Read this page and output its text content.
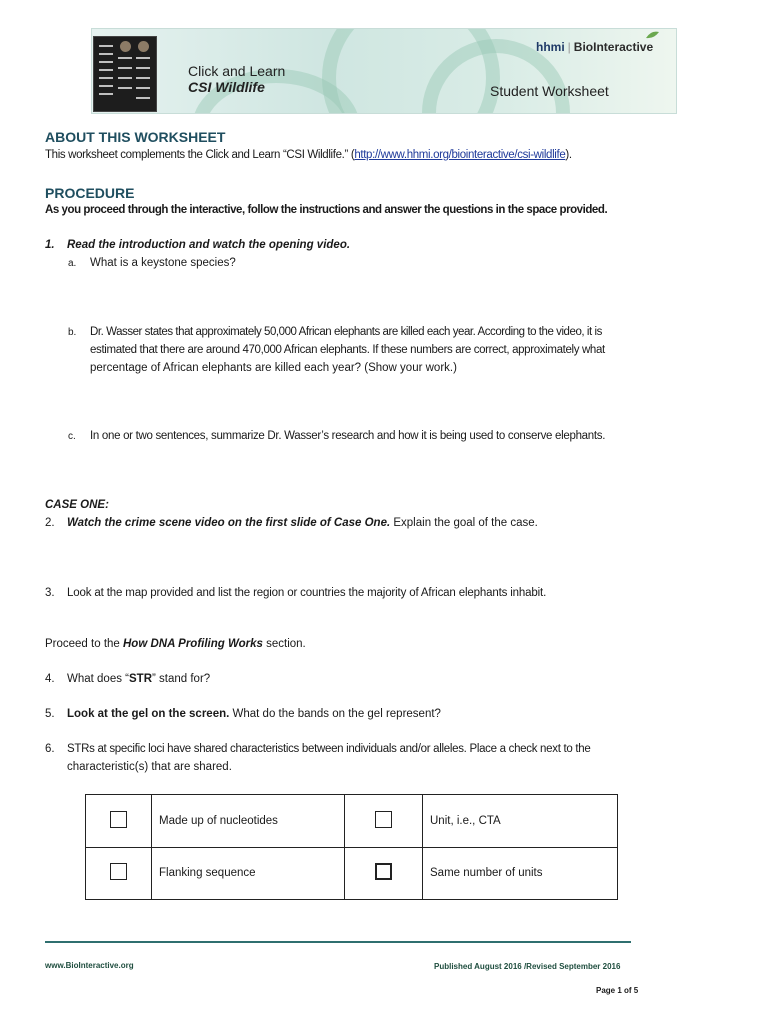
Click and Learn
CSI Wildlife	Student Worksheet
hhmi | BioInteractive
ABOUT THIS WORKSHEET
This worksheet complements the Click and Learn “CSI Wildlife.” (http://www.hhmi.org/biointeractive/csi-wildlife).
PROCEDURE
As you proceed through the interactive, follow the instructions and answer the questions in the space provided.
1. Read the introduction and watch the opening video.
a. What is a keystone species?
b. Dr. Wasser states that approximately 50,000 African elephants are killed each year. According to the video, it is
estimated that there are around 470,000 African elephants. If these numbers are correct, approximately what
percentage of African elephants are killed each year? (Show your work.)
c. In one or two sentences, summarize Dr. Wasser’s research and how it is being used to conserve elephants.
CASE ONE:
2. Watch the crime scene video on the first slide of Case One. Explain the goal of the case.
3. Look at the map provided and list the region or countries the majority of African elephants inhabit.
Proceed to the How DNA Profiling Works section.
4. What does “STR” stand for?
5. Look at the gel on the screen. What do the bands on the gel represent?
6. STRs at specific loci have shared characteristics between individuals and/or alleles. Place a check next to the
characteristic(s) that are shared.
	Made up of nucleotides		Unit, i.e., CTA
	Flanking sequence		Same number of units
www.BioInteractive.org	Published August 2016 /Revised September 2016
Page 1 of 5
